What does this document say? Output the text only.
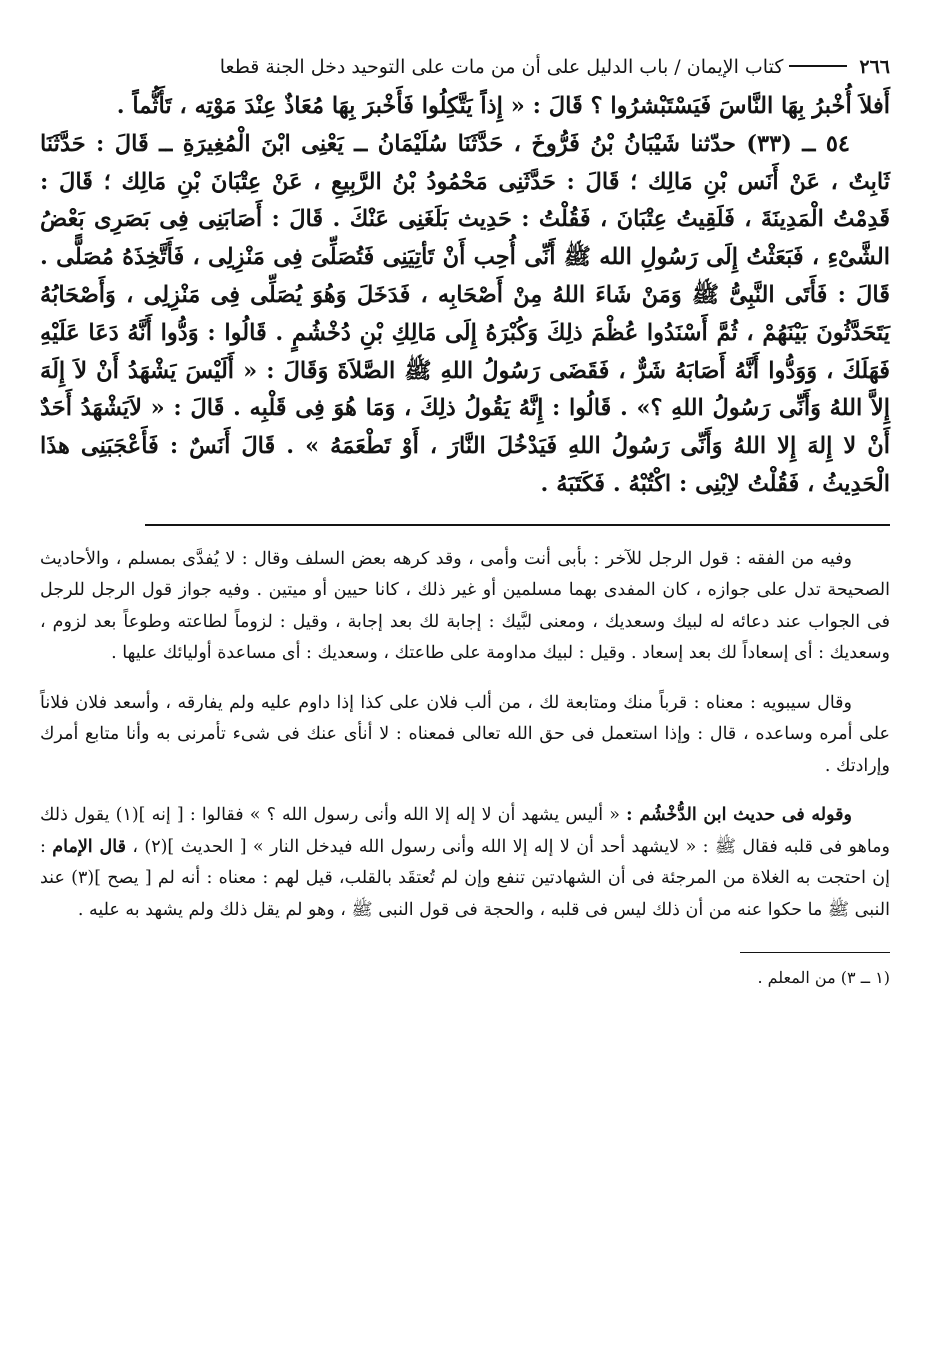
٢٦٦
كتاب الإيمان / باب الدليل على أن من مات على التوحيد دخل الجنة قطعا

أَفلاَ أُخْبرُ بِهَا النَّاسَ فَيَسْتَبْشرُوا ؟ قَالَ : « إِذاً يَتَّكِلُوا فَأَخْبرَ بِهَا مُعَاذٌ عِنْدَ مَوْتِه ، تَأَثُّماً .

٥٤ ــ (٣٣) حدّثنا شَيْبَانُ بْنُ فَرُّوخَ ، حَدَّثَنَا سُلَيْمَانُ ــ يَعْنِى ابْنَ الْمُغِيرَةِ ــ قَالَ : حَدَّثَنَا ثَابِتٌ ، عَنْ أَنَس بْنِ مَالِك ؛ قَالَ : حَدَّثَنِى مَحْمُودُ بْنُ الرَّبِيعِ ، عَنْ عِتْبَانَ بْنِ مَالِك ؛ قَالَ : قَدِمْتُ الْمَدِينَةَ ، فَلَقِيتُ عِتْبَانَ ، فَقُلْتُ : حَدِيث بَلَغَنِى عَنْكَ . قَالَ : أَصَابَنِى فِى بَصَرِى بَعْضُ الشَّىْءِ ، فَبَعَثْتُ إِلَى رَسُولِ الله ﷺ أَنِّى أُحِب أَنْ تَأتِيَنِى فَتُصَلِّىَ فِى مَنْزِلِى ، فَأَتَّخِذَهُ مُصَلًّى . قَالَ : فَأَتَى النَّبِىُّ ﷺ وَمَنْ شَاءَ اللهُ مِنْ أَصْحَابِه ، فَدَخَلَ وَهُوَ يُصَلِّى فِى مَنْزِلِى ، وَأَصْحَابُهُ يَتَحَدَّثُونَ بَيْنَهُمْ ، ثُمَّ أَسْنَدُوا عُظْمَ ذلِكَ وَكُبْرَهُ إِلَى مَالِكِ بْنِ دُخْشُمٍ . قَالُوا : وَدُّوا أَنَّهُ دَعَا عَلَيْهِ فَهَلَكَ ، وَوَدُّوا أَنَّهُ أَصَابَهُ شَرٌّ ، فَقَضَى رَسُولُ اللهِ ﷺ الصَّلاَةَ وَقَالَ : « أَلَيْسَ يَشْهَدُ أَنْ لاَ إِلَهَ إِلاَّ اللهُ وَأَنِّى رَسُولُ اللهِ ؟» . قَالُوا : إِنَّهُ يَقُولُ ذلِكَ ، وَمَا هُوَ فِى قَلْبِه . قَالَ : « لاَيَشْهَدُ أَحَدٌ أَنْ لا إِلهَ إِلا اللهُ وَأَنِّى رَسُولُ اللهِ فَيَدْخُلَ النَّارَ ، أَوْ تَطْعَمَهُ » . قَالَ أَنَسٌ : فَأَعْجَبَنِى هذَا الْحَدِيثُ ، فَقُلْتُ لاِبْنِى : اكْتُبْهُ . فَكَتَبَهُ .

وفيه من الفقه : قول الرجل للآخر : بأبى أنت وأمى ، وقد كرهه بعض السلف وقال : لا يُفدَّى بمسلم ، والأحاديث الصحيحة تدل على جوازه ، كان المفدى بهما مسلمين أو غير ذلك ، كانا حيين أو ميتين . وفيه جواز قول الرجل للرجل فى الجواب عند دعائه له لبيك وسعديك ، ومعنى لبَّيك : إجابة لك بعد إجابة ، وقيل : لزوماً لطاعته وطوعاً بعد لزوم ، وسعديك : أى إسعاداً لك بعد إسعاد . وقيل : لبيك مداومة على طاعتك ، وسعديك : أى مساعدة أوليائك عليها .

وقال سيبويه : معناه : قرباً منك ومتابعة لك ، من ألب فلان على كذا إذا داوم عليه ولم يفارقه ، وأسعد فلان فلاناً على أمره وساعده ، قال : وإذا استعمل فى حق الله تعالى فمعناه : لا أنأى عنك فى شىء تأمرنى به وأنا متابع أمرك وإرادتك .

وقوله فى حديث ابن الدُّخْشُم : « أليس يشهد أن لا إله إلا الله وأنى رسول الله ؟ » فقالوا : [ إنه ](١) يقول ذلك وماهو فى قلبه فقال ﷺ : « لايشهد أحد أن لا إله إلا الله وأنى رسول الله فيدخل النار » [ الحديث ](٢) ، قال الإمام : إن احتجت به الغلاة من المرجئة فى أن الشهادتين تنفع وإن لم تُعتقَد بالقلب، قيل لهم : معناه : أنه لم [ يصح ](٣) عند النبى ﷺ ما حكوا عنه من أن ذلك ليس فى قلبه ، والحجة فى قول النبى ﷺ ، وهو لم يقل ذلك ولم يشهد به عليه .

(١ ــ ٣) من المعلم .
